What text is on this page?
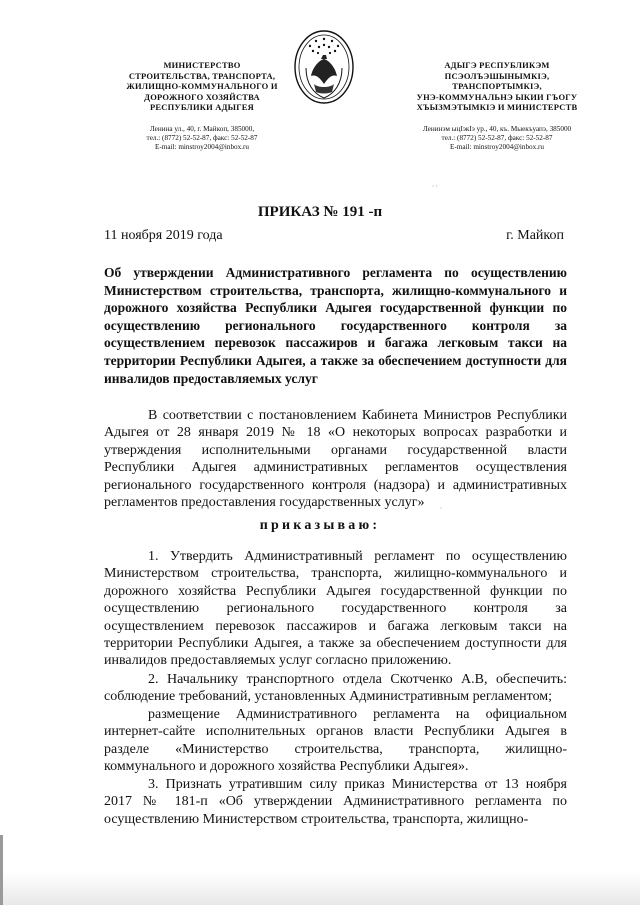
МИНИСТЕРСТВО
СТРОИТЕЛЬСТВА, ТРАНСПОРТА,
ЖИЛИЩНО-КОММУНАЛЬНОГО И
ДОРОЖНОГО ХОЗЯЙСТВА
РЕСПУБЛИКИ АДЫГЕЯ
Ленина ул., 40, г. Майкоп, 385000,
тел.: (8772) 52-52-87, факс: 52-52-87
E-mail: minstroy2004@inbox.ru
АДЫГЭ РЕСПУБЛИКЭМ
ПСЭОЛЪЭШЫНЫМКIЭ,
ТРАНСПОРТЫМКIЭ,
УНЭ-КОММУНАЛЬНЭ ЫКИИ ГЪОГУ
ХЪЫЗМЭТЫМКIЭ И МИНИСТЕРСТВ
Ленинэм ыцIэкIэ ур., 40, къ. Мыекъуапэ, 385000
тел.: (8772) 52-52-87, факс: 52-52-87
E-mail: minstroy2004@inbox.ru
⋅ ⋅
ПРИКАЗ № 191 -п
11 ноября 2019 года	г. Майкоп
Об утверждении Административного регламента по осуществлению Министерством строительства, транспорта, жилищно-коммунального и дорожного хозяйства Республики Адыгея государственной функции по осуществлению регионального государственного контроля за осуществлением перевозок пассажиров и багажа легковым такси на территории Республики Адыгея, а также за обеспечением доступности для инвалидов предоставляемых услуг
В соответствии с постановлением Кабинета Министров Республики Адыгея от 28 января 2019 № 18 «О некоторых вопросах разработки и утверждения исполнительными органами государственной власти Республики Адыгея административных регламентов осуществления регионального государственного контроля (надзора) и административных регламентов предоставления государственных услуг»	⋅
приказываю:
1. Утвердить Административный регламент по осуществлению Министерством строительства, транспорта, жилищно-коммунального и дорожного хозяйства Республики Адыгея государственной функции по осуществлению регионального государственного контроля за осуществлением перевозок пассажиров и багажа легковым такси на территории Республики Адыгея, а также за обеспечением доступности для инвалидов предоставляемых услуг согласно приложению.
2. Начальнику транспортного отдела Скотченко А.В, обеспечить: соблюдение требований, установленных Административным регламентом;
размещение Административного регламента на официальном интернет-сайте исполнительных органов власти Республики Адыгея в разделе «Министерство строительства, транспорта, жилищно-коммунального и дорожного хозяйства Республики Адыгея».
3. Признать утратившим силу приказ Министерства от 13 ноября 2017 № 181-п «Об утверждении Административного регламента по осуществлению Министерством строительства, транспорта, жилищно-
